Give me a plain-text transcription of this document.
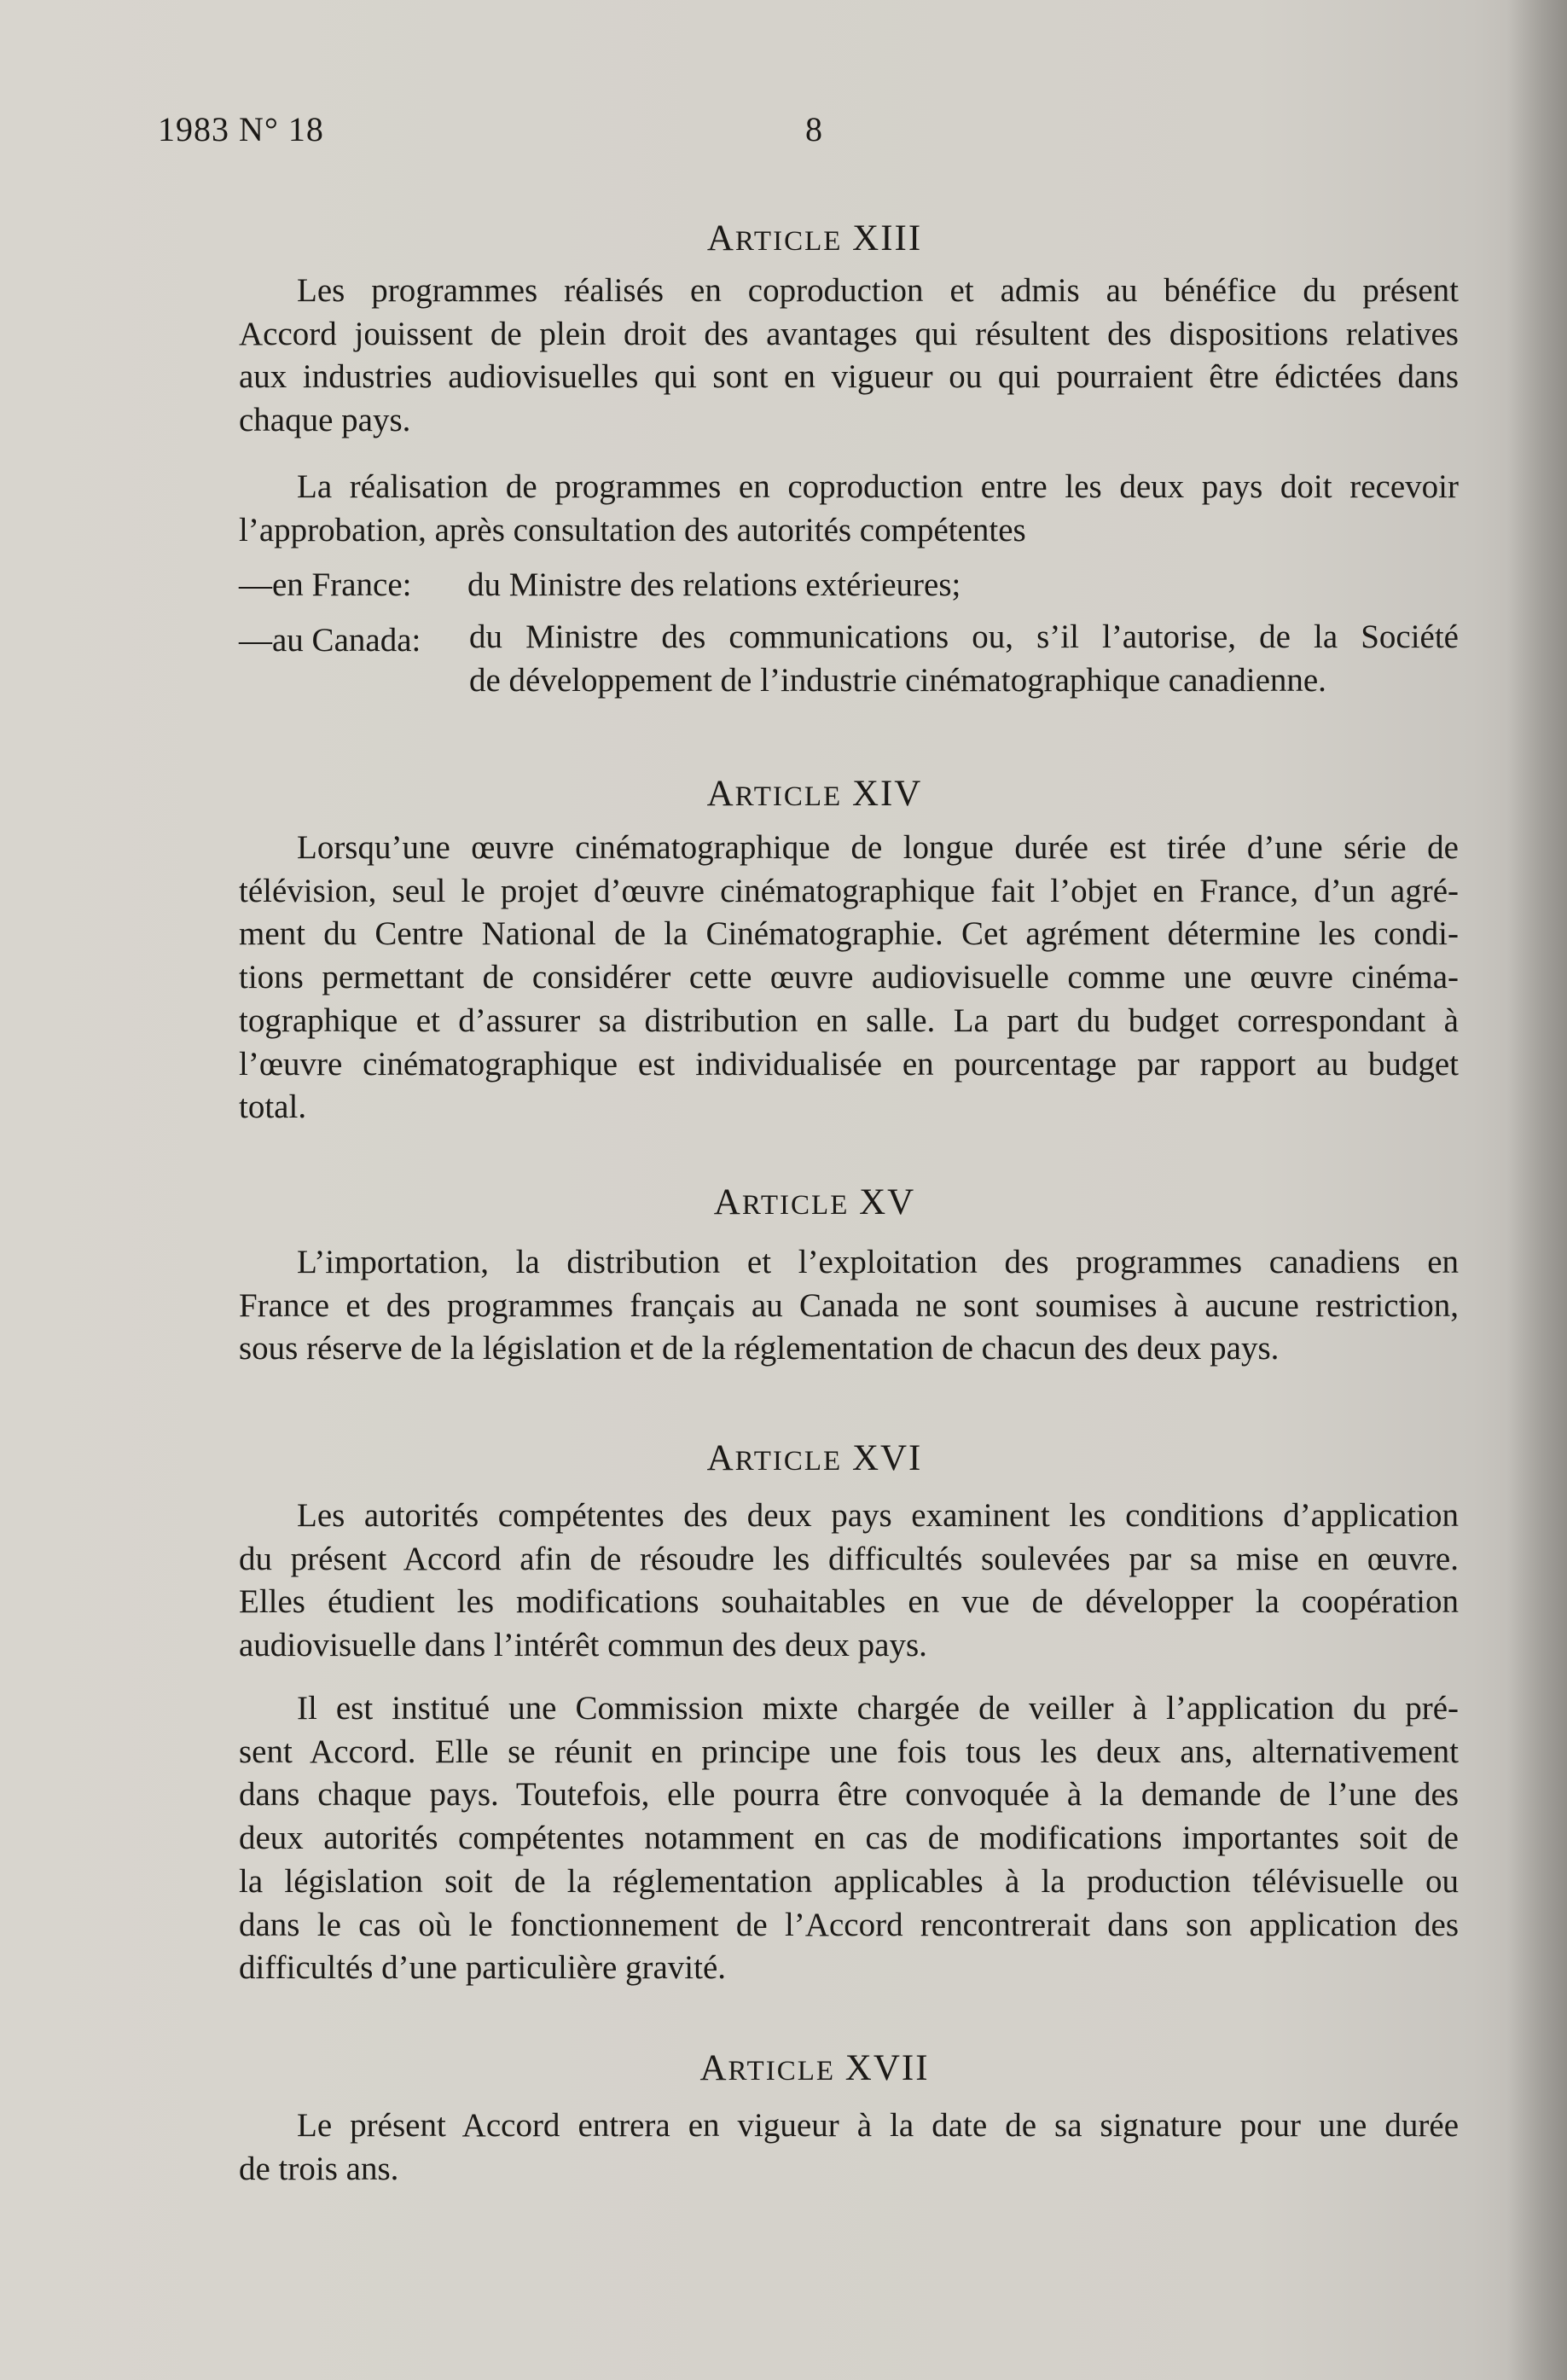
1983 N° 18	8
ARTICLE XIII
Les programmes réalisés en coproduction et admis au bénéfice du présent
Accord jouissent de plein droit des avantages qui résultent des dispositions relatives
aux industries audiovisuelles qui sont en vigueur ou qui pourraient être édictées dans
chaque pays.
La réalisation de programmes en coproduction entre les deux pays doit recevoir
l’approbation, après consultation des autorités compétentes
—en France: du Ministre des relations extérieures;
—au Canada: du Ministre des communications ou, s’il l’autorise, de la Société
de développement de l’industrie cinématographique canadienne.
ARTICLE XIV
Lorsqu’une œuvre cinématographique de longue durée est tirée d’une série de
télévision, seul le projet d’œuvre cinématographique fait l’objet en France, d’un agré-
ment du Centre National de la Cinématographie. Cet agrément détermine les condi-
tions permettant de considérer cette œuvre audiovisuelle comme une œuvre cinéma-
tographique et d’assurer sa distribution en salle. La part du budget correspondant à
l’œuvre cinématographique est individualisée en pourcentage par rapport au budget
total.
ARTICLE XV
L’importation, la distribution et l’exploitation des programmes canadiens en
France et des programmes français au Canada ne sont soumises à aucune restriction,
sous réserve de la législation et de la réglementation de chacun des deux pays.
ARTICLE XVI
Les autorités compétentes des deux pays examinent les conditions d’application
du présent Accord afin de résoudre les difficultés soulevées par sa mise en œuvre.
Elles étudient les modifications souhaitables en vue de développer la coopération
audiovisuelle dans l’intérêt commun des deux pays.
Il est institué une Commission mixte chargée de veiller à l’application du pré-
sent Accord. Elle se réunit en principe une fois tous les deux ans, alternativement
dans chaque pays. Toutefois, elle pourra être convoquée à la demande de l’une des
deux autorités compétentes notamment en cas de modifications importantes soit de
la législation soit de la réglementation applicables à la production télévisuelle ou
dans le cas où le fonctionnement de l’Accord rencontrerait dans son application des
difficultés d’une particulière gravité.
ARTICLE XVII
Le présent Accord entrera en vigueur à la date de sa signature pour une durée
de trois ans.
